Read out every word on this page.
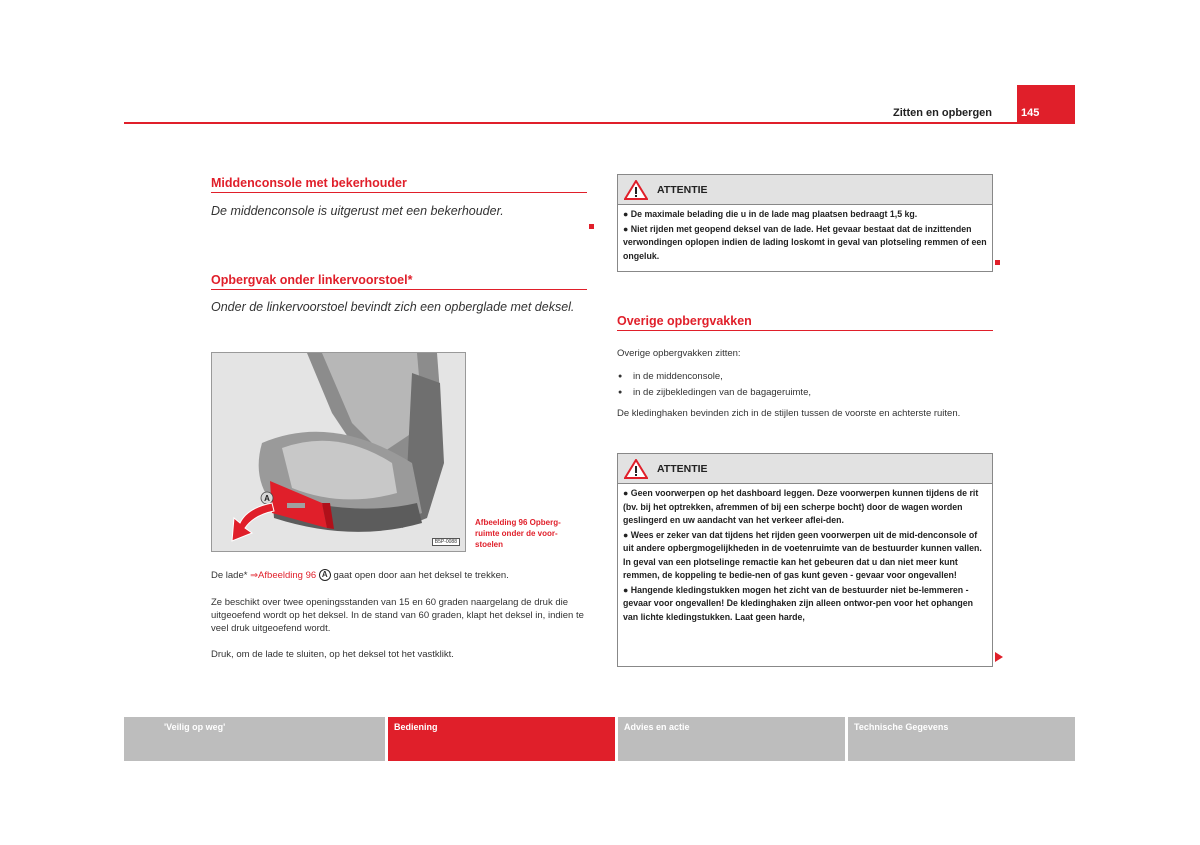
Zitten en opbergen	145
Middenconsole met bekerhouder
De middenconsole is uitgerust met een bekerhouder.
Opbergvak onder linkervoorstoel*
Onder de linkervoorstoel bevindt zich een opberglade met deksel.
A
B5P-0088
Afbeelding 96 Opberg-ruimte onder de voor-stoelen
De lade* ⇒Afbeelding 96 A gaat open door aan het deksel te trekken.
Ze beschikt over twee openingsstanden van 15 en 60 graden naargelang de druk die uitgeoefend wordt op het deksel. In de stand van 60 graden, klapt het deksel in, indien te veel druk uitgeoefend wordt.
Druk, om de lade te sluiten, op het deksel tot het vastklikt.
ATTENTIE

● De maximale belading die u in de lade mag plaatsen bedraagt 1,5 kg.

● Niet rijden met geopend deksel van de lade. Het gevaar bestaat dat de inzittenden verwondingen oplopen indien de lading loskomt in geval van plotseling remmen of een ongeluk.

Overige opbergvakken
Overige opbergvakken zitten:
● in de middenconsole,
● in de zijbekledingen van de bagageruimte,
De kledinghaken bevinden zich in de stijlen tussen de voorste en achterste ruiten.
ATTENTIE

● Geen voorwerpen op het dashboard leggen. Deze voorwerpen kunnen tijdens de rit (bv. bij het optrekken, afremmen of bij een scherpe bocht) door de wagen worden geslingerd en uw aandacht van het verkeer aflei-den.

● Wees er zeker van dat tijdens het rijden geen voorwerpen uit de mid-denconsole of uit andere opbergmogelijkheden in de voetenruimte van de bestuurder kunnen vallen. In geval van een plotselinge remactie kan het gebeuren dat u dan niet meer kunt remmen, de koppeling te bedie-nen of gas kunt geven - gevaar voor ongevallen!

● Hangende kledingstukken mogen het zicht van de bestuurder niet be-lemmeren - gevaar voor ongevallen! De kledinghaken zijn alleen ontwor-pen voor het ophangen van lichte kledingstukken. Laat geen harde,

'Veilig op weg'	Bediening	Advies en actie	Technische Gegevens
